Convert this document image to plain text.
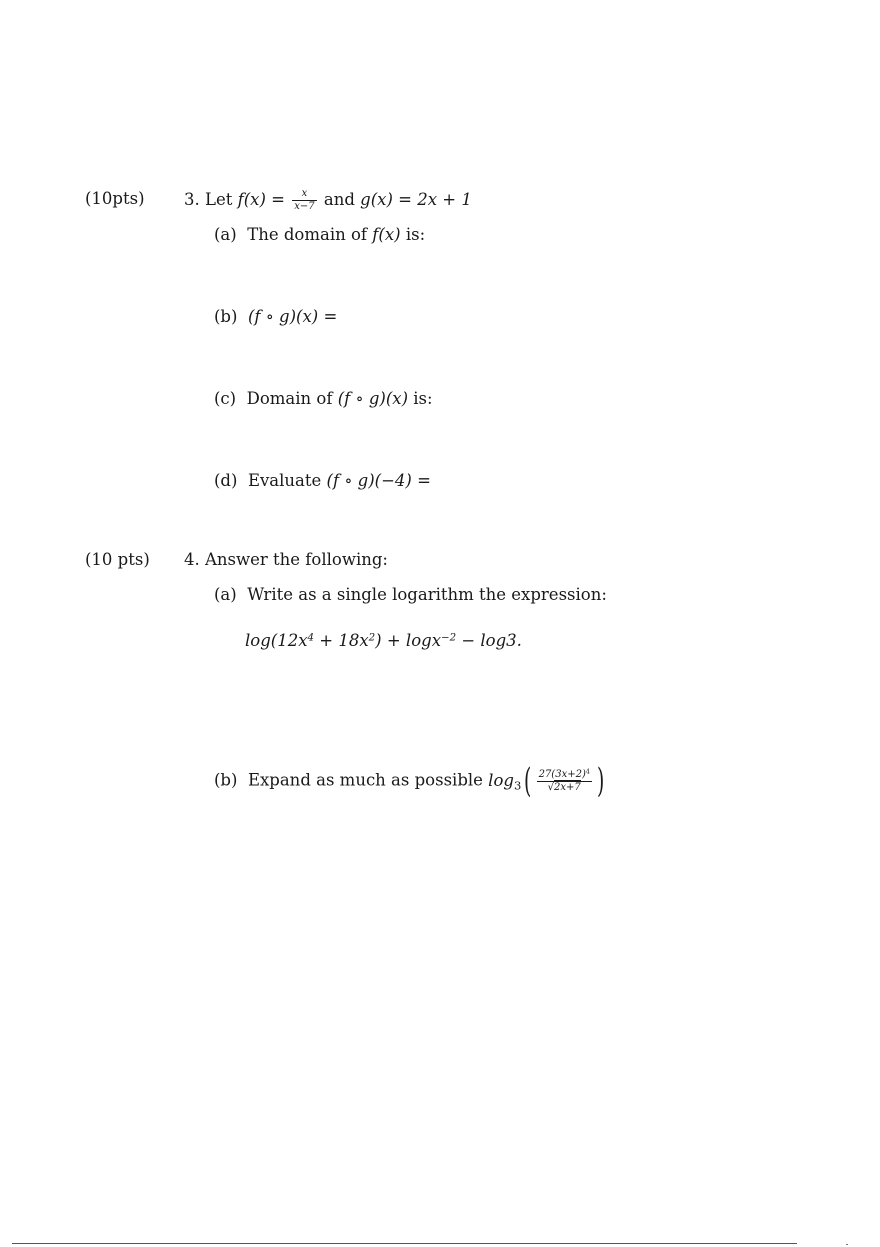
(10pts) 3. Let $f(x) = \frac{x}{x-7}$ and g(x) = 2x + 1
(a) The domain of f(x) is:
(b) (f ∘ g)(x) =
(c) Domain of (f ∘ g)(x) is:
(d) Evaluate (f ∘ g)(−4) =
(10 pts) 4. Answer the following:
(a) Write as a single logarithm the expression:
$\log(12x^4 + 18x^2) + \log x^{-2} - \log 3$.
(b) Expand as much as possible $\log_3( \frac{27(3x+2)^4}{√2x+7}$ )
